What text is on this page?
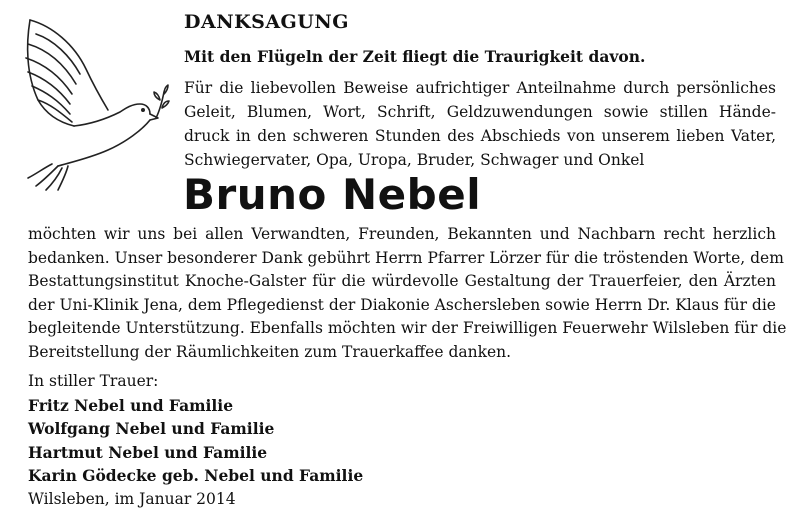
DANKSAGUNG
Mit den Flügeln der Zeit fliegt die Traurigkeit davon.

Für die liebevollen Beweise aufrichtiger Anteilnahme durch persönliches
Geleit, Blumen, Wort, Schrift, Geldzuwendungen sowie stillen Hände-
druck in den schweren Stunden des Abschieds von unserem lieben Vater,
Schwiegervater, Opa, Uropa, Bruder, Schwager und Onkel

Bruno Nebel

möchten wir uns bei allen Verwandten, Freunden, Bekannten und Nachbarn recht herzlich
bedanken. Unser besonderer Dank gebührt Herrn Pfarrer Lörzer für die tröstenden Worte, dem
Bestattungsinstitut Knoche-Galster für die würdevolle Gestaltung der Trauerfeier, den Ärzten
der Uni-Klinik Jena, dem Pflegedienst der Diakonie Aschersleben sowie Herrn Dr. Klaus für die
begleitende Unterstützung. Ebenfalls möchten wir der Freiwilligen Feuerwehr Wilsleben für die
Bereitstellung der Räumlichkeiten zum Trauerkaffee danken.

In stiller Trauer:
Fritz Nebel und Familie
Wolfgang Nebel und Familie
Hartmut Nebel und Familie
Karin Gödecke geb. Nebel und Familie
Wilsleben, im Januar 2014
